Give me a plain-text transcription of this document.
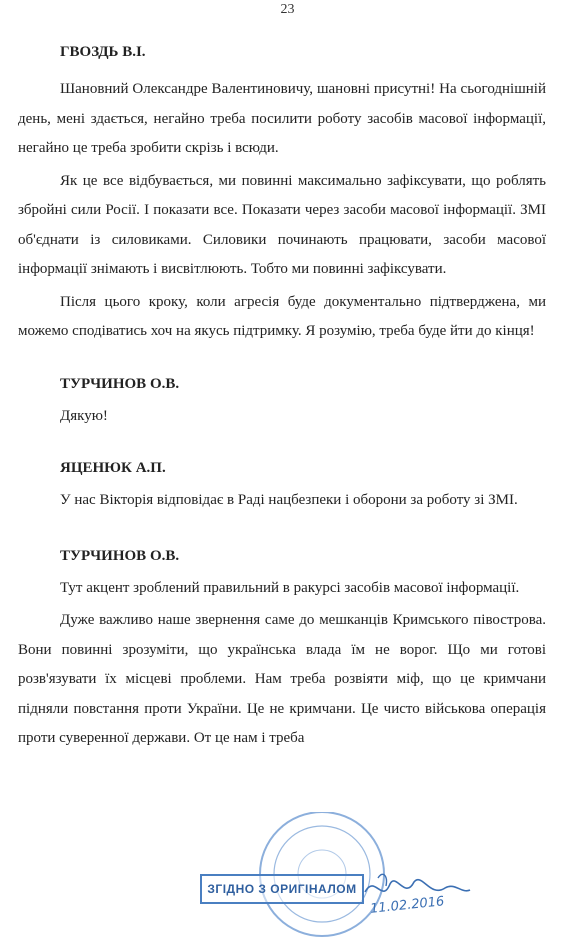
23

ГВОЗДЬ В.І.

Шановний Олександре Валентиновичу, шановні присутні! На сьогоднішній день, мені здається, негайно треба посилити роботу засобів масової інформації, негайно це треба зробити скрізь і всюди.

Як це все відбувається, ми повинні максимально зафіксувати, що роблять збройні сили Росії. І показати все. Показати через засоби масової інформації. ЗМІ об'єднати із силовиками. Силовики починають працювати, засоби масової інформації знімають і висвітлюють. Тобто ми повинні зафіксувати.

Після цього кроку, коли агресія буде документально підтверджена, ми можемо сподіватись хоч на якусь підтримку. Я розумію, треба буде йти до кінця!

ТУРЧИНОВ О.В.

Дякую!

ЯЦЕНЮК А.П.

У нас Вікторія відповідає в Раді нацбезпеки і оборони за роботу зі ЗМІ.

ТУРЧИНОВ О.В.

Тут акцент зроблений правильний в ракурсі засобів масової інформації.

Дуже важливо наше звернення саме до мешканців Кримського півострова. Вони повинні зрозуміти, що українська влада їм не ворог. Що ми готові розв'язувати їх місцеві проблеми. Нам треба розвіяти міф, що це кримчани підняли повстання проти України. Це не кримчани. Це чисто військова операція проти суверенної держави. От це нам і треба

ЗГІДНО З ОРИГІНАЛОМ
11.02.2016
